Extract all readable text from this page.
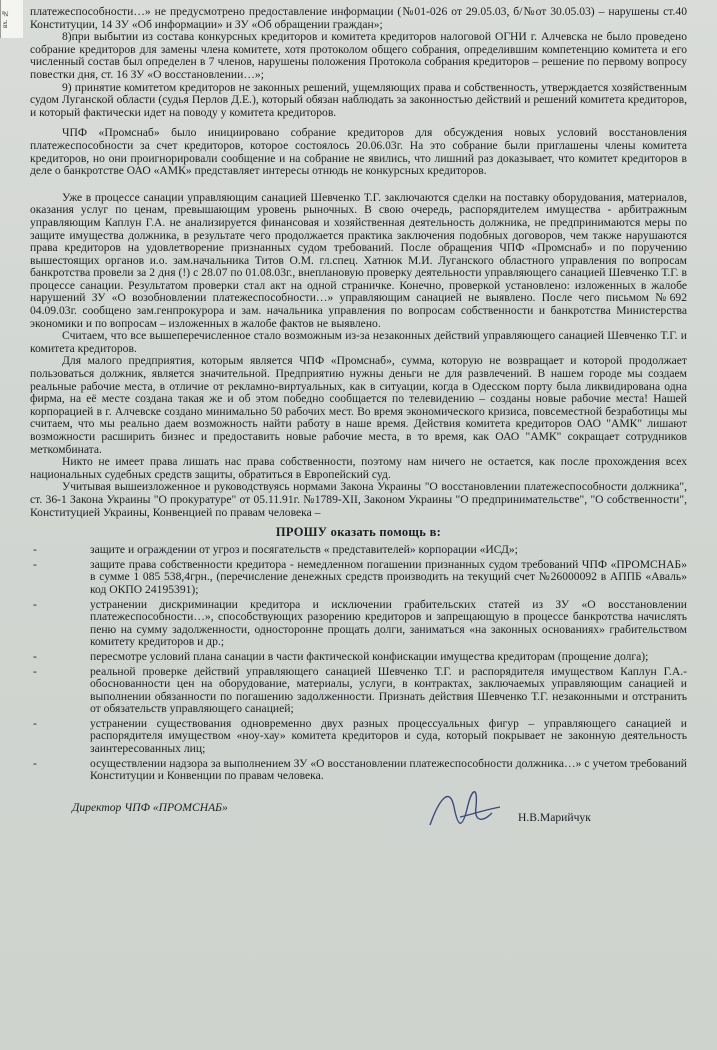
вх. №	платежеспособности…» не предусмотрено предоставление информации (№01-026 от 29.05.03, б/№от 30.05.03) – нарушены ст.40 Конституции, 14 ЗУ «Об информации» и ЗУ «Об обращении граждан»;

8)при выбытии из состава конкурсных кредиторов и комитета кредиторов налоговой ОГНИ г. Алчевска не было проведено собрание кредиторов для замены члена комитете, хотя протоколом общего собрания, определившим компетенцию комитета и его численный состав был определен в 7 членов, нарушены положения Протокола собрания кредиторов – решение по первому вопросу повестки дня, ст. 16 ЗУ «О восстановлении…»;

9) принятие комитетом кредиторов не законных решений, ущемляющих права и собственность, утверждается хозяйственным судом Луганской области (судья Перлов Д.Е.), который обязан наблюдать за законностью действий и решений комитета кредиторов, и который фактически идет на поводу у комитета кредиторов.

ЧПФ «Промснаб» было инициировано собрание кредиторов для обсуждения новых условий восстановления платежеспособности за счет кредиторов, которое состоялось 20.06.03г. На это собрание были приглашены члены комитета кредиторов, но они проигнорировали сообщение и на собрание не явились, что лишний раз доказывает, что комитет кредиторов в деле о банкротстве ОАО «АМК» представляет интересы отнюдь не конкурсных кредиторов.

Уже в процессе санации управляющим санацией Шевченко Т.Г. заключаются сделки на поставку оборудования, материалов, оказания услуг по ценам, превышающим уровень рыночных. В свою очередь, распорядителем имущества - арбитражным управляющим Каплун Г.А. не анализируется финансовая и хозяйственная деятельность должника, не предпринимаются меры по защите имущества должника, в результате чего продолжается практика заключения подобных договоров, чем также нарушаются права кредиторов на удовлетворение признанных судом требований. После обращения ЧПФ «Промснаб» и по поручению вышестоящих органов и.о. зам.начальника Титов О.М. гл.спец. Хатнюк М.И. Луганского областного управления по вопросам банкротства провели за 2 дня (!) с 28.07 по 01.08.03г., внеплановую проверку деятельности управляющего санацией Шевченко Т.Г. в процессе санации. Результатом проверки стал акт на одной страничке. Конечно, проверкой установлено: изложенных в жалобе нарушений ЗУ «О возобновлении платежеспособности…» управляющим санацией не выявлено. После чего письмом №692 04.09.03г. сообщено зам.генпрокурора и зам. начальника управления по вопросам собственности и банкротства Министерства экономики и по вопросам – изложенных в жалобе фактов не выявлено.

Считаем, что все вышеперечисленное стало возможным из-за незаконных действий управляющего санацией Шевченко Т.Г. и комитета кредиторов.

Для малого предприятия, которым является ЧПФ «Промснаб», сумма, которую не возвращает и которой продолжает пользоваться должник, является значительной. Предприятию нужны деньги не для развлечений. В нашем городе мы создаем реальные рабочие места, в отличие от рекламно-виртуальных, как в ситуации, когда в Одесском порту была ликвидирована одна фирма, на её месте создана такая же и об этом победно сообщается по телевидению – созданы новые рабочие места! Нашей корпорацией в г. Алчевске создано минимально 50 рабочих мест. Во время экономического кризиса, повсеместной безработицы мы считаем, что мы реально даем возможность найти работу в наше время. Действия комитета кредиторов ОАО "АМК" лишают возможности расширить бизнес и предоставить новые рабочие места, в то время, как ОАО "АМК" сокращает сотрудников меткомбината.

Никто не имеет права лишать нас права собственности, поэтому нам ничего не остается, как после прохождения всех национальных судебных средств защиты, обратиться в Европейский суд.

Учитывая вышеизложенное и руководствуясь нормами Закона Украины "О восстановлении платежеспособности должника", ст. 36-1 Закона Украины "О прокуратуре" от 05.11.91г. №1789-XII, Законом Украины "О предпринимательстве", "О собственности", Конституцией Украины, Конвенцией по правам человека –

ПРОШУ оказать помощь в:
-	защите и ограждении от угроз и посягательств « представителей» корпорации «ИСД»;
-	защите права собственности кредитора - немедленном погашении признанных судом требований ЧПФ «ПРОМСНАБ» в сумме 1 085 538,4грн., (перечисление денежных средств производить на текущий счет №26000092 в АППБ «Аваль» код ОКПО 24195391);
-	устранении дискриминации кредитора и исключении грабительских статей из ЗУ «О восстановлении платежеспособности…», способствующих разорению кредиторов и запрещающую в процессе банкротства начислять пеню на сумму задолженности, односторонне прощать долги, заниматься «на законных основаниях» грабительством комитету кредиторов и др.;
-	пересмотре условий плана санации в части фактической конфискации имущества кредиторам (прощение долга);
-	реальной проверке действий управляющего санацией Шевченко Т.Г. и распорядителя имуществом Каплун Г.А.- обоснованности цен на оборудование, материалы, услуги, в контрактах, заключаемых управляющим санацией и выполнении обязанности по погашению задолженности. Признать действия Шевченко Т.Г. незаконными и отстранить от обязательств управляющего санацией;
-	устранении существования одновременно двух разных процессуальных фигур – управляющего санацией и распорядителя имуществом «ноу-хау» комитета кредиторов и суда, который покрывает не законную деятельность заинтересованных лиц;
-	осуществлении надзора за выполнением ЗУ «О восстановлении платежеспособности должника…» с учетом требований Конституции и Конвенции по правам человека.
Директор ЧПФ «ПРОМСНАБ»
Н.В.Марийчук
